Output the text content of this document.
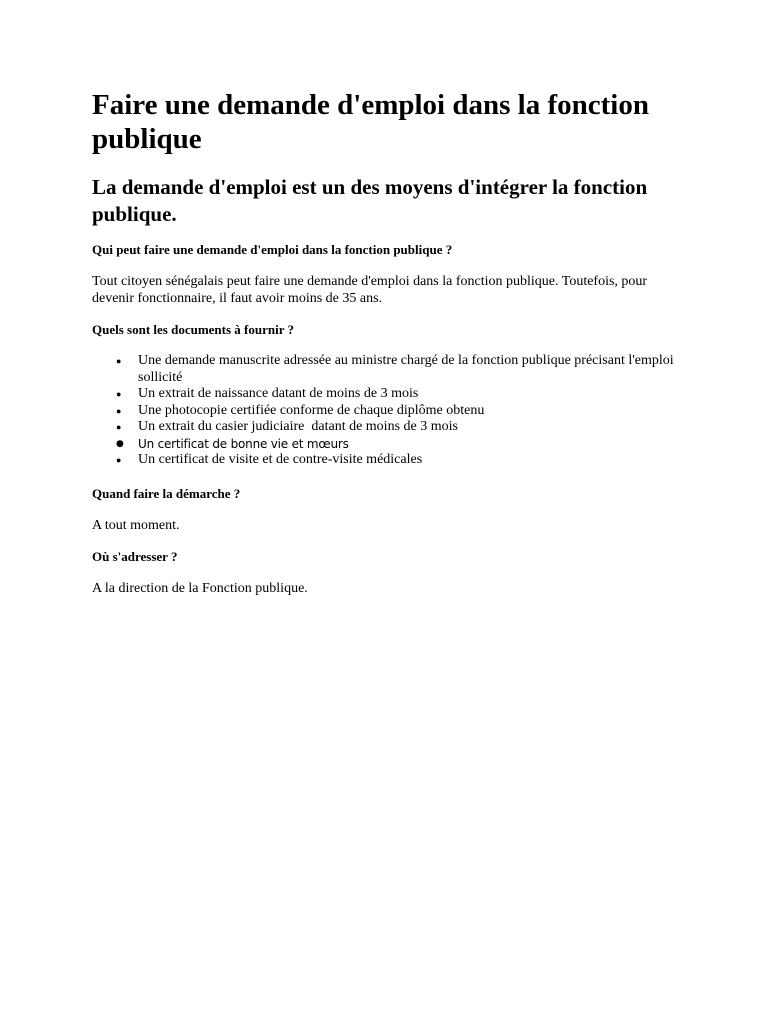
Faire une demande d'emploi dans la fonction publique
La demande d'emploi est un des moyens d'intégrer la fonction publique.
Qui peut faire une demande d'emploi dans la fonction publique ?

Tout citoyen sénégalais peut faire une demande d'emploi dans la fonction publique. Toutefois, pour devenir fonctionnaire, il faut avoir moins de 35 ans.

Quels sont les documents à fournir ?
● Une demande manuscrite adressée au ministre chargé de la fonction publique précisant l'emploi sollicité
● Un extrait de naissance datant de moins de 3 mois
● Une photocopie certifiée conforme de chaque diplôme obtenu
● Un extrait du casier judiciaire  datant de moins de 3 mois
● Un certificat de bonne vie et mœurs
● Un certificat de visite et de contre-visite médicales
Quand faire la démarche ?

A tout moment.

Où s'adresser ?

A la direction de la Fonction publique.
